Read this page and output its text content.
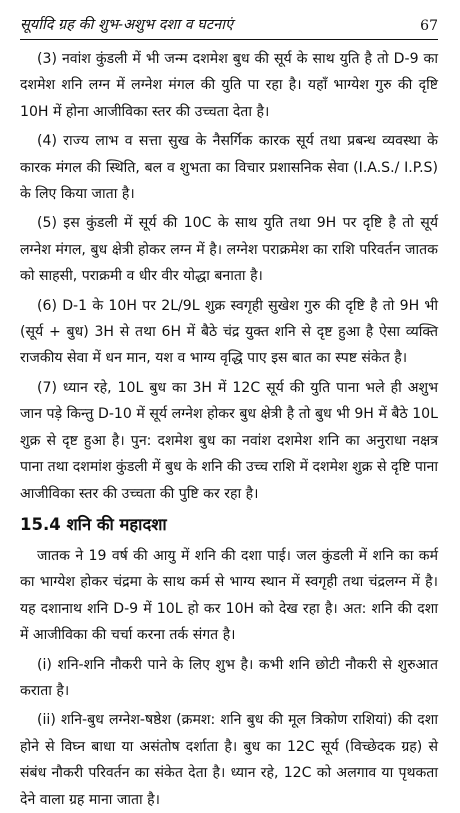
सूर्यादि ग्रह की शुभ-अशुभ दशा व घटनाएं	67

(3) नवांश कुंडली में भी जन्म दशमेश बुध की सूर्य के साथ युति है तो D-9 का दशमेश शनि लग्न में लग्नेश मंगल की युति पा रहा है। यहाँ भाग्येश गुरु की दृष्टि 10H में होना आजीविका स्तर की उच्चता देता है।

(4) राज्य लाभ व सत्ता सुख के नैसर्गिक कारक सूर्य तथा प्रबन्ध व्यवस्था के कारक मंगल की स्थिति, बल व शुभता का विचार प्रशासनिक सेवा (I.A.S./ I.P.S) के लिए किया जाता है।

(5) इस कुंडली में सूर्य की 10C के साथ युति तथा 9H पर दृष्टि है तो सूर्य लग्नेश मंगल, बुध क्षेत्री होकर लग्न में है। लग्नेश पराक्रमेश का राशि परिवर्तन जातक को साहसी, पराक्रमी व धीर वीर योद्धा बनाता है।

(6) D-1 के 10H पर 2L/9L शुक्र स्वगृही सुखेश गुरु की दृष्टि है तो 9H भी (सूर्य + बुध) 3H से तथा 6H में बैठे चंद्र युक्त शनि से दृष्ट हुआ है ऐसा व्यक्ति राजकीय सेवा में धन मान, यश व भाग्य वृद्धि पाए इस बात का स्पष्ट संकेत है।

(7) ध्यान रहे, 10L बुध का 3H में 12C सूर्य की युति पाना भले ही अशुभ जान पड़े किन्तु D-10 में सूर्य लग्नेश होकर बुध क्षेत्री है तो बुध भी 9H में बैठे 10L शुक्र से दृष्ट हुआ है। पुन: दशमेश बुध का नवांश दशमेश शनि का अनुराधा नक्षत्र पाना तथा दशमांश कुंडली में बुध के शनि की उच्च राशि में दशमेश शुक्र से दृष्टि पाना आजीविका स्तर की उच्चता की पुष्टि कर रहा है।

15.4 शनि की महादशा

जातक ने 19 वर्ष की आयु में शनि की दशा पाई। जल कुंडली में शनि का कर्म का भाग्येश होकर चंद्रमा के साथ कर्म से भाग्य स्थान में स्वगृही तथा चंद्रलग्न में है। यह दशानाथ शनि D-9 में 10L हो कर 10H को देख रहा है। अत: शनि की दशा में आजीविका की चर्चा करना तर्क संगत है।

(i) शनि-शनि नौकरी पाने के लिए शुभ है। कभी शनि छोटी नौकरी से शुरुआत कराता है।

(ii) शनि-बुध लग्नेश-षष्ठेश (क्रमश: शनि बुध की मूल त्रिकोण राशियां) की दशा होने से विघ्न बाधा या असंतोष दर्शाता है। बुध का 12C सूर्य (विच्छेदक ग्रह) से संबंध नौकरी परिवर्तन का संकेत देता है। ध्यान रहे, 12C को अलगाव या पृथकता देने वाला ग्रह माना जाता है।
